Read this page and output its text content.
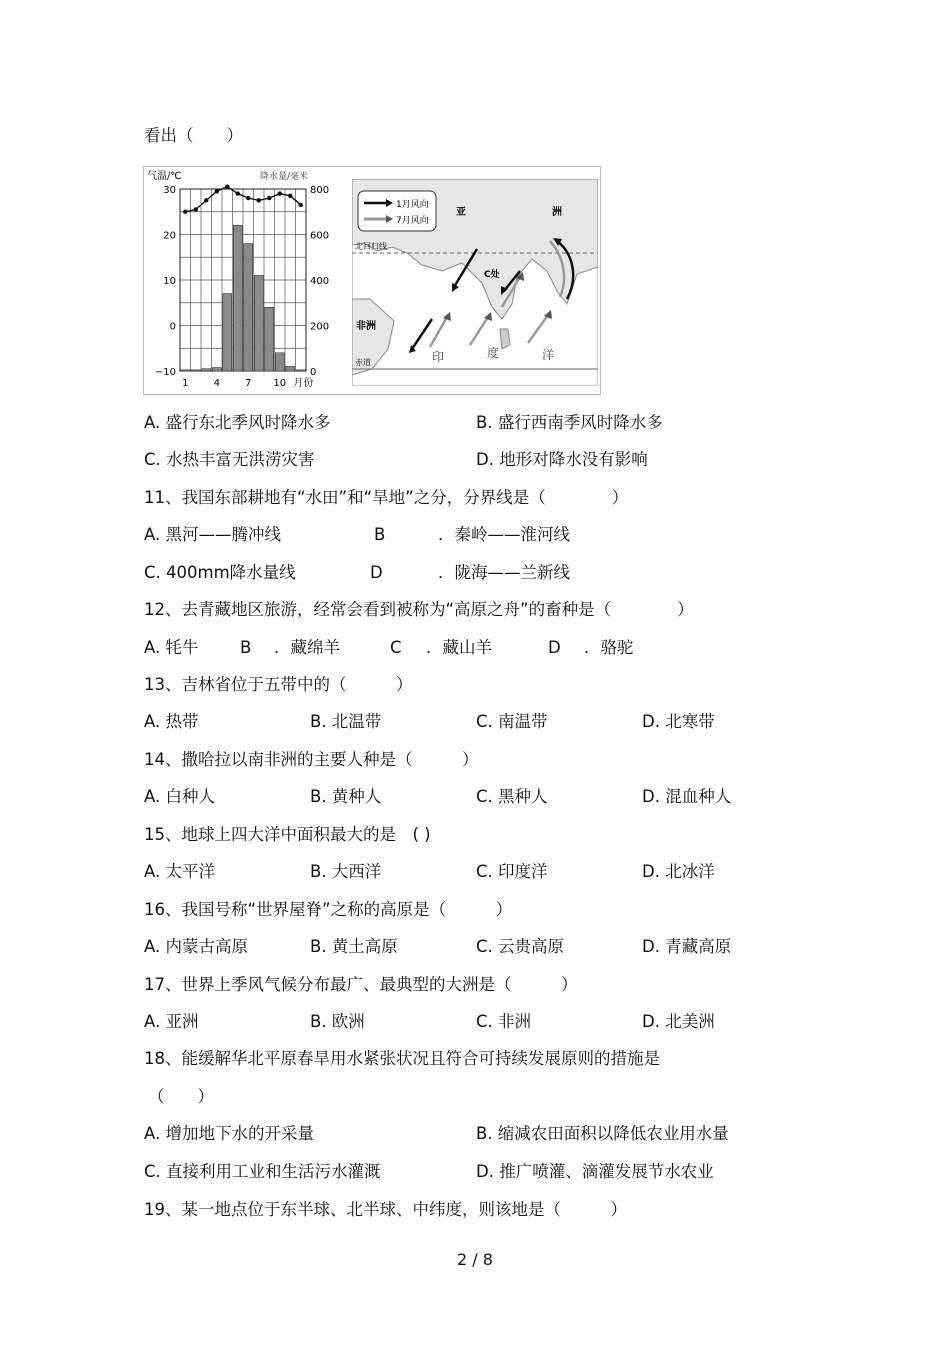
看出（　　）
30
20
10
0
−10
800
600
400
200
0
1	4	7 10 月份
气温/℃	降水量/毫米
1月风向
7月风向
亚	洲
北回归线
非洲
赤道	印	度	洋
C处
A. 盛行东北季风时降水多	B. 盛行西南季风时降水多
C. 水热丰富无洪涝灾害	D. 地形对降水没有影响
11、我国东部耕地有“水田”和“旱地”之分，分界线是（　　　　）
A. 黑河——腾冲线	B	．秦岭——淮河线
C. 400mm降水量线	D	．陇海——兰新线
12、去青藏地区旅游，经常会看到被称为“高原之舟”的畜种是（　　　　）
A. 牦牛	B ．藏绵羊	C ．藏山羊	D ．骆驼
13、吉林省位于五带中的（　　　）
A. 热带	B. 北温带	C. 南温带	D. 北寒带
14、撒哈拉以南非洲的主要人种是（　　　）
A. 白种人	B. 黄种人	C. 黑种人	D. 混血种人
15、地球上四大洋中面积最大的是　( )
A. 太平洋	B. 大西洋	C. 印度洋	D. 北冰洋
16、我国号称“世界屋脊”之称的高原是（　　　）
A. 内蒙古高原	B. 黄土高原	C. 云贵高原	D. 青藏高原
17、世界上季风气候分布最广、最典型的大洲是（　　　）
A. 亚洲	B. 欧洲	C. 非洲	D. 北美洲
18、能缓解华北平原春旱用水紧张状况且符合可持续发展原则的措施是
（　　）
A. 增加地下水的开采量	B. 缩减农田面积以降低农业用水量
C. 直接利用工业和生活污水灌溉	D. 推广喷灌、滴灌发展节水农业
19、某一地点位于东半球、北半球、中纬度，则该地是（　　　）
2 / 8
